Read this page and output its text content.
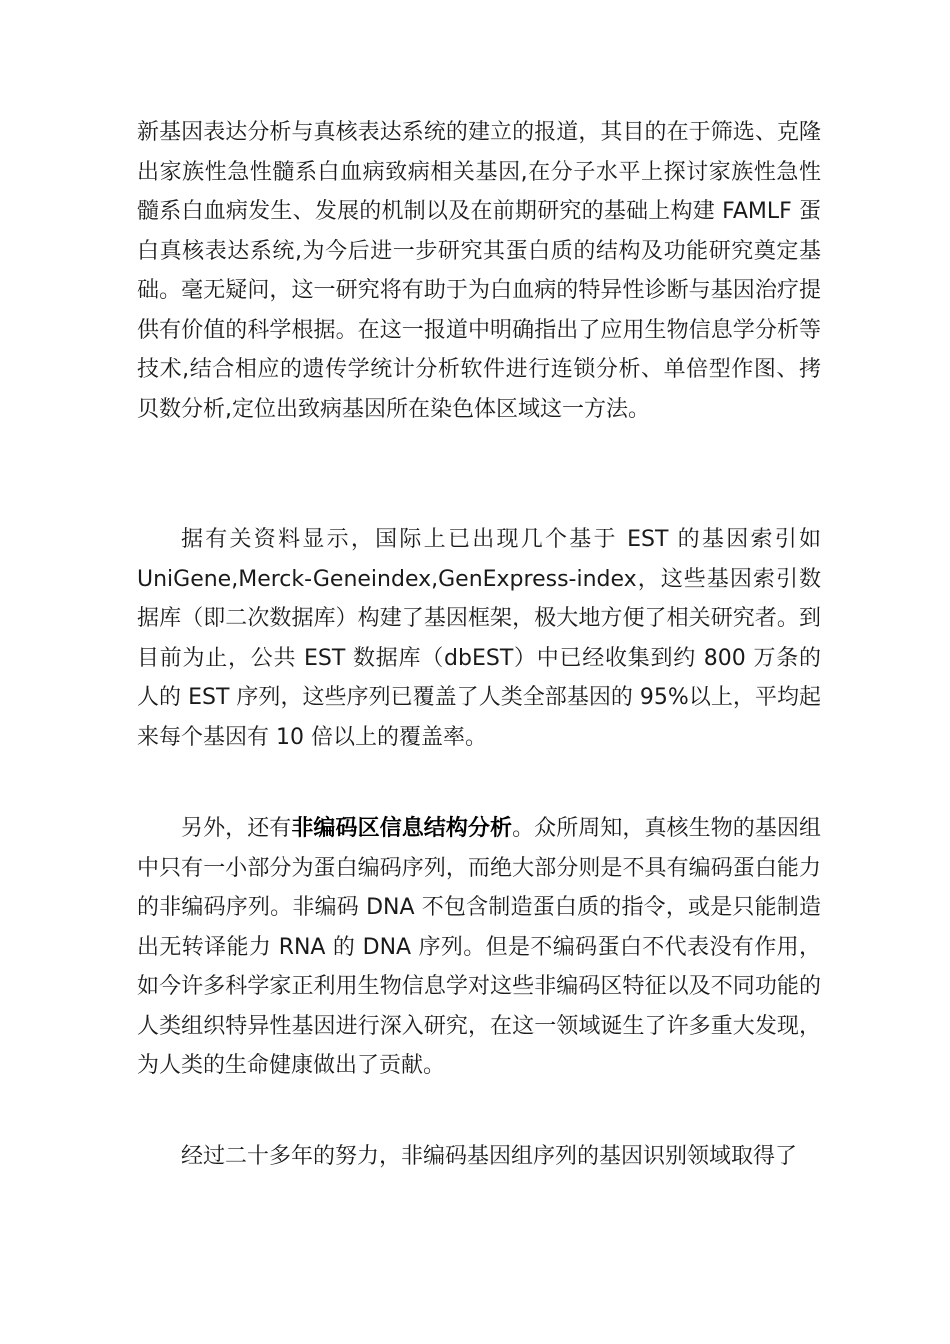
新基因表达分析与真核表达系统的建立的报道，其目的在于筛选、克隆出家族性急性髓系白血病致病相关基因,在分子水平上探讨家族性急性髓系白血病发生、发展的机制以及在前期研究的基础上构建 FAMLF 蛋白真核表达系统,为今后进一步研究其蛋白质的结构及功能研究奠定基础。毫无疑问，这一研究将有助于为白血病的特异性诊断与基因治疗提供有价值的科学根据。在这一报道中明确指出了应用生物信息学分析等技术,结合相应的遗传学统计分析软件进行连锁分析、单倍型作图、拷贝数分析,定位出致病基因所在染色体区域这一方法。

据有关资料显示，国际上已出现几个基于 EST 的基因索引如 UniGene,Merck-Geneindex,GenExpress-index，这些基因索引数据库（即二次数据库）构建了基因框架，极大地方便了相关研究者。到目前为止，公共 EST 数据库（dbEST）中已经收集到约 800 万条的人的 EST 序列，这些序列已覆盖了人类全部基因的 95%以上，平均起来每个基因有 10 倍以上的覆盖率。

另外，还有非编码区信息结构分析。众所周知，真核生物的基因组中只有一小部分为蛋白编码序列，而绝大部分则是不具有编码蛋白能力的非编码序列。非编码 DNA 不包含制造蛋白质的指令，或是只能制造出无转译能力 RNA 的 DNA 序列。但是不编码蛋白不代表没有作用，如今许多科学家正利用生物信息学对这些非编码区特征以及不同功能的人类组织特异性基因进行深入研究，在这一领域诞生了许多重大发现，为人类的生命健康做出了贡献。

经过二十多年的努力，非编码基因组序列的基因识别领域取得了
